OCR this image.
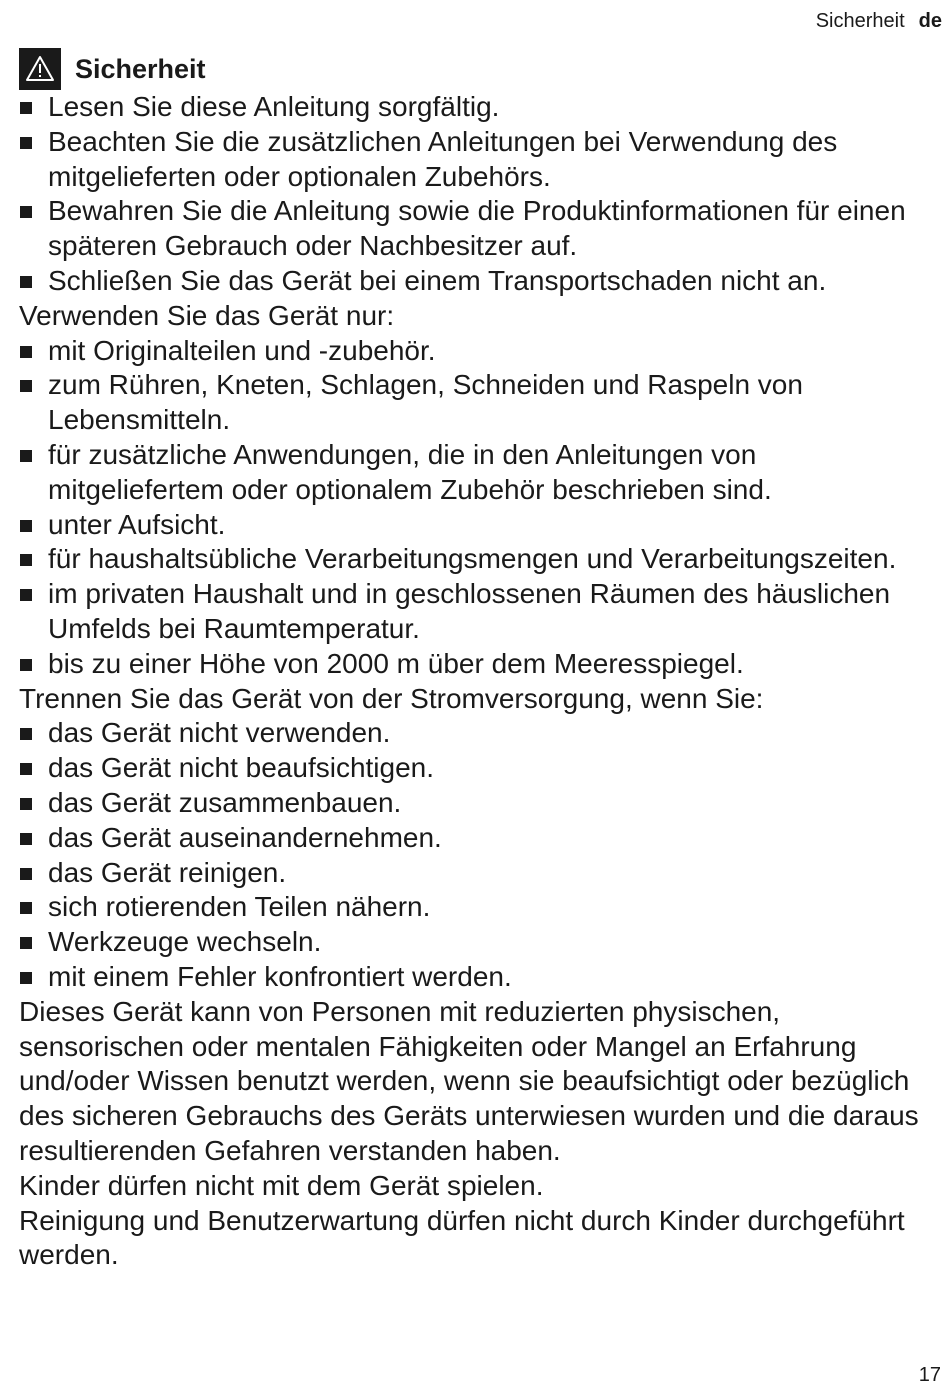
Sicherheit de
Sicherheit
Lesen Sie diese Anleitung sorgfältig.
Beachten Sie die zusätzlichen Anleitungen bei Verwendung des mitgelieferten oder optionalen Zubehörs.
Bewahren Sie die Anleitung sowie die Produktinformationen für einen späteren Gebrauch oder Nachbesitzer auf.
Schließen Sie das Gerät bei einem Transportschaden nicht an.

Verwenden Sie das Gerät nur:

mit Originalteilen und -zubehör.
zum Rühren, Kneten, Schlagen, Schneiden und Raspeln von Lebensmitteln.
für zusätzliche Anwendungen, die in den Anleitungen von mitgeliefertem oder optionalem Zubehör beschrieben sind.
unter Aufsicht.
für haushaltsübliche Verarbeitungsmengen und Verarbeitungszeiten.
im privaten Haushalt und in geschlossenen Räumen des häuslichen Umfelds bei Raumtemperatur.
bis zu einer Höhe von 2000 m über dem Meeresspiegel.

Trennen Sie das Gerät von der Stromversorgung, wenn Sie:

das Gerät nicht verwenden.
das Gerät nicht beaufsichtigen.
das Gerät zusammenbauen.
das Gerät auseinandernehmen.
das Gerät reinigen.
sich rotierenden Teilen nähern.
Werkzeuge wechseln.
mit einem Fehler konfrontiert werden.

Dieses Gerät kann von Personen mit reduzierten physischen, sensorischen oder mentalen Fähigkeiten oder Mangel an Erfahrung und/oder Wissen benutzt werden, wenn sie beaufsichtigt oder bezüglich des sicheren Gebrauchs des Geräts unterwiesen wurden und die daraus resultierenden Gefahren verstanden haben.

Kinder dürfen nicht mit dem Gerät spielen.

Reinigung und Benutzerwartung dürfen nicht durch Kinder durchgeführt werden.

17
